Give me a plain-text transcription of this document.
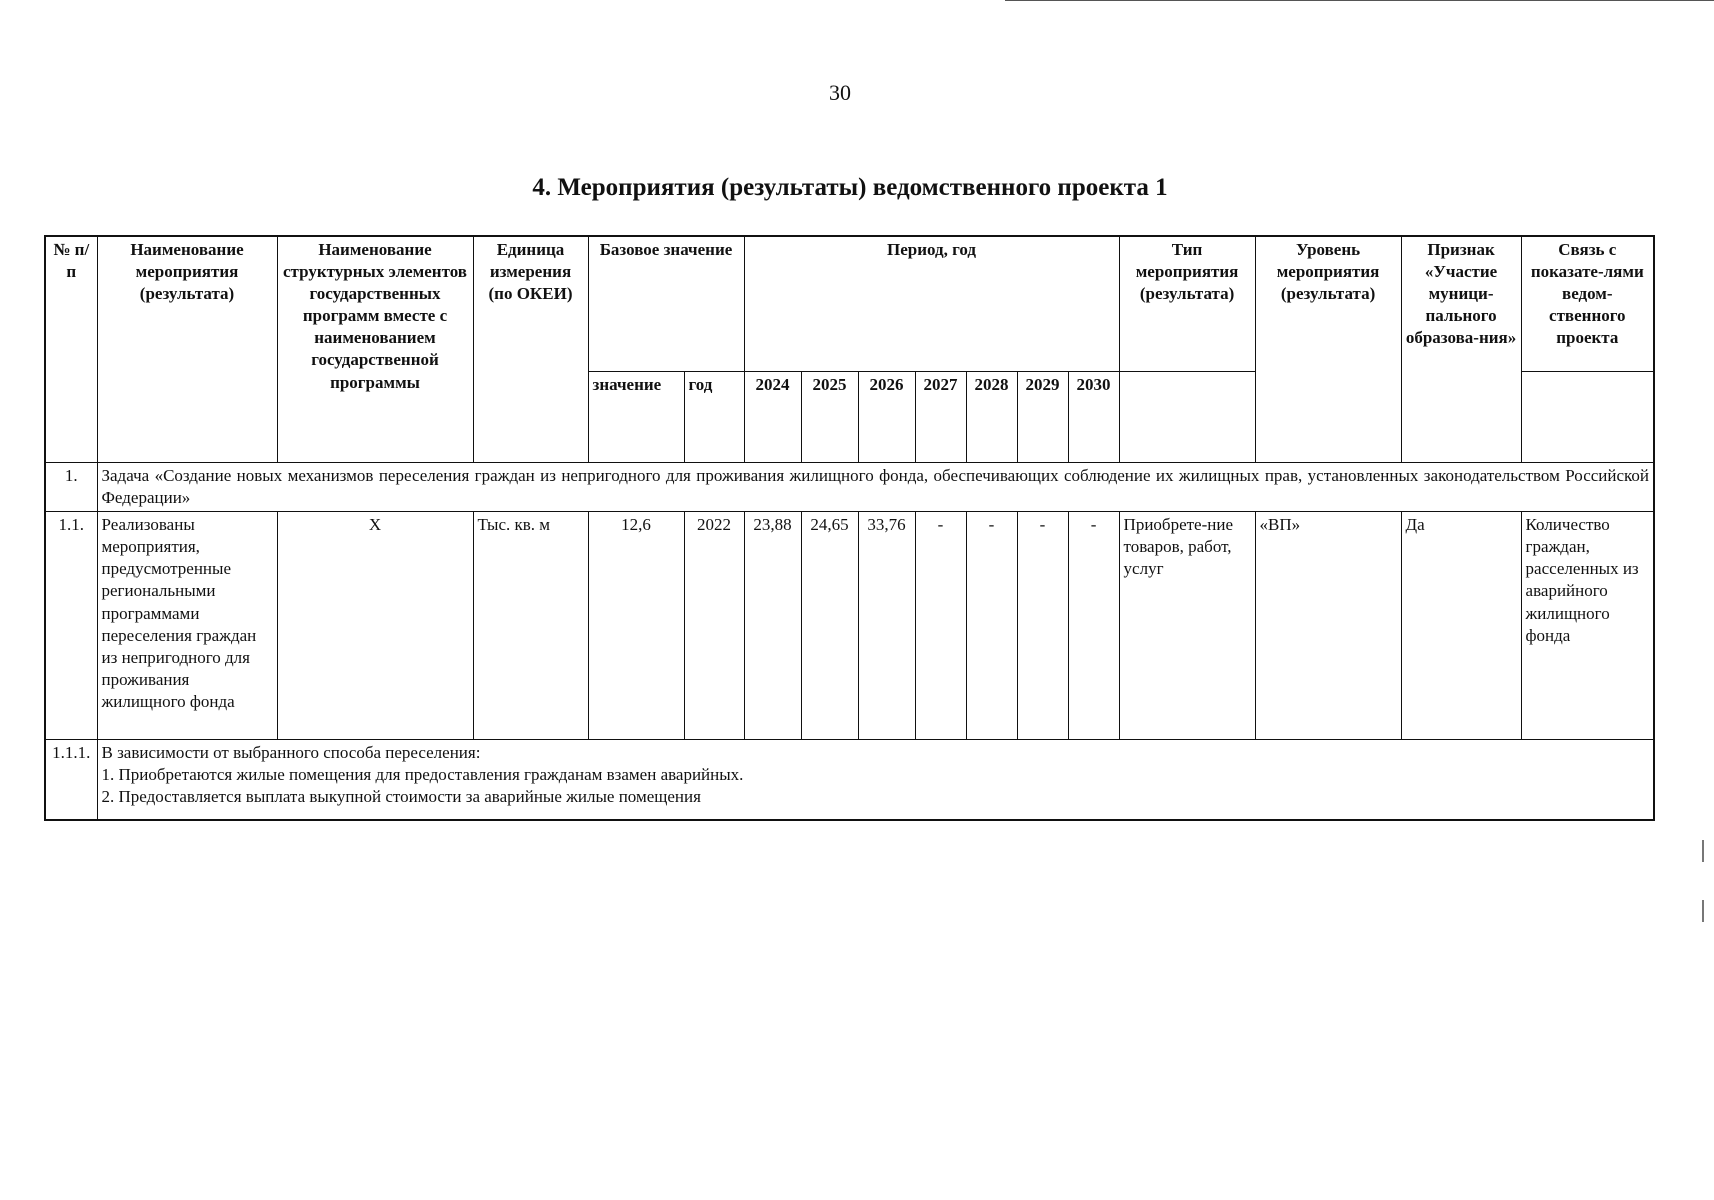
30
4. Мероприятия (результаты) ведомственного проекта 1
№ п/п	Наименование мероприятия (результата)	Наименование структурных элементов государственных программ вместе с наименованием государственной программы	Единица измерения (по ОКЕИ)	Базовое значение		Период, год							Тип мероприятия (результата)	Уровень мероприятия (результата)	Признак «Участие муници-пального образова-ния»	Связь с показате-лями ведом-ственного проекта
				значение	год	2024	2025	2026	2027	2028	2029	2030				
1.	Задача «Создание новых механизмов переселения граждан из непригодного для проживания жилищного фонда, обеспечивающих соблюдение их жилищных прав, установленных законодательством Российской Федерации»															
1.1.	Реализованы мероприятия, предусмотренные региональными программами переселения граждан из непригодного для проживания жилищного фонда	X	Тыс. кв. м	12,6	2022	23,88	24,65	33,76	-	-	-	-	Приобрете-ние товаров, работ, услуг	«ВП»	Да	Количество граждан, расселенных из аварийного жилищного фонда
1.1.1.	В зависимости от выбранного способа переселения:
1. Приобретаются жилые помещения для предоставления гражданам взамен аварийных.
2. Предоставляется выплата выкупной стоимости за аварийные жилые помещения															
